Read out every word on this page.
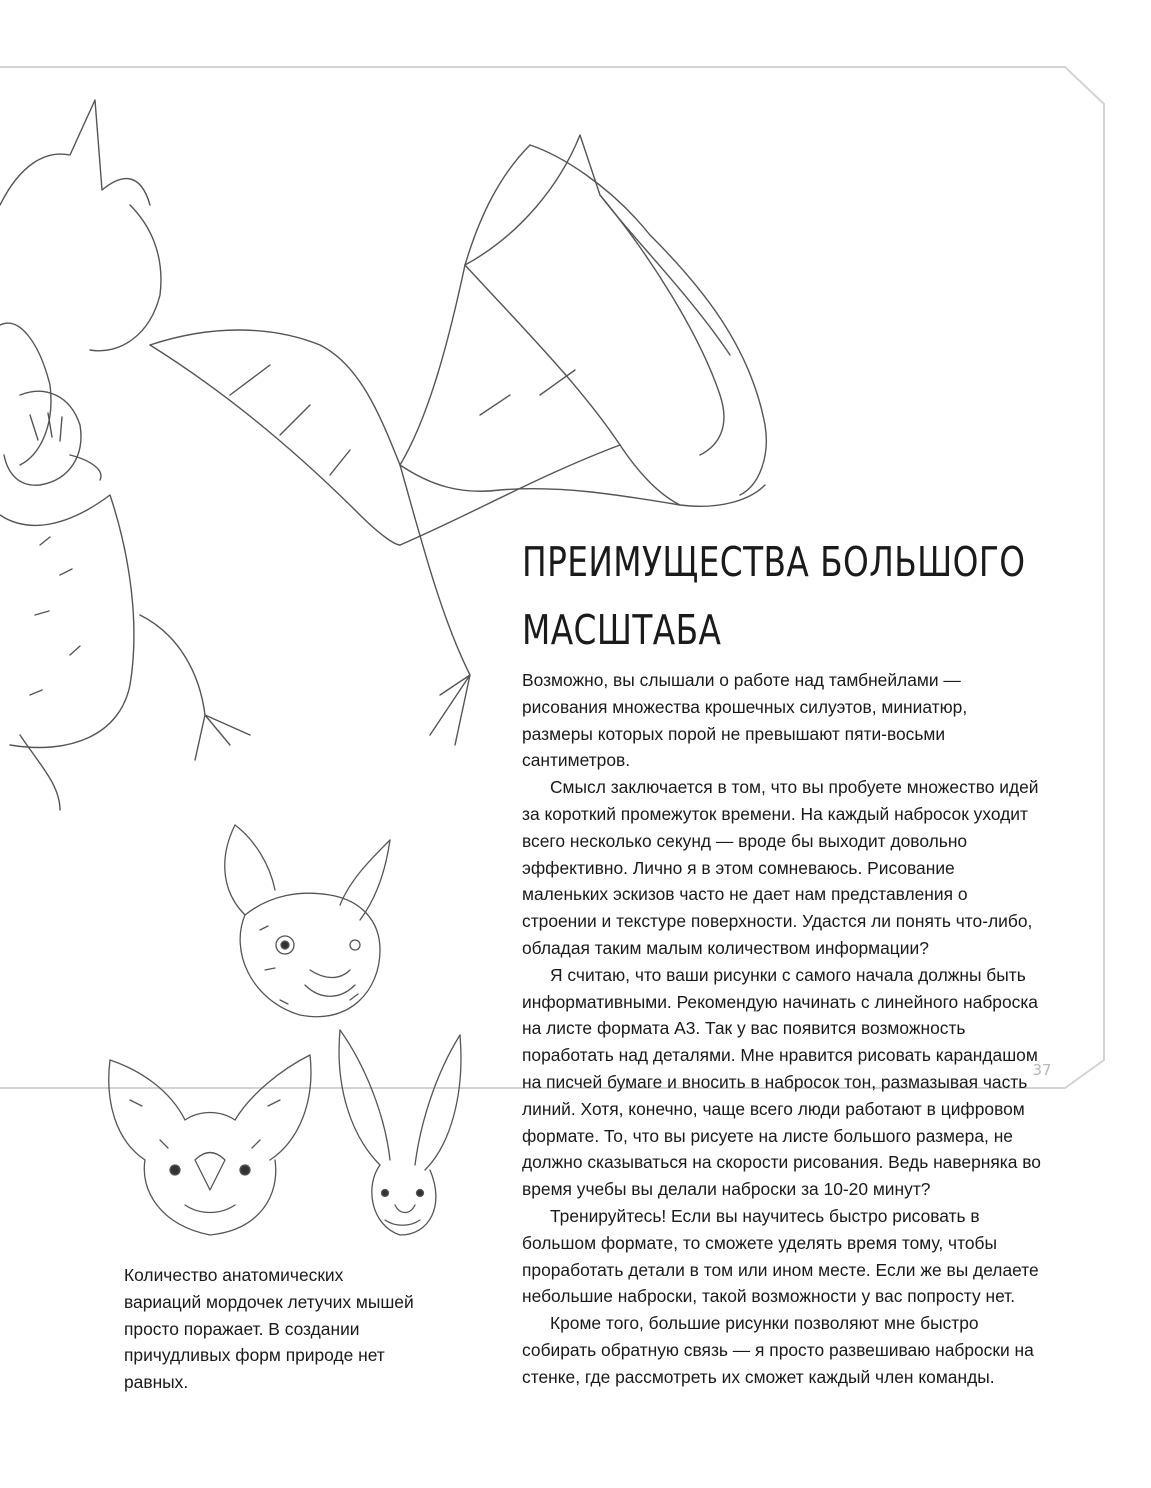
ПРЕИМУЩЕСТВА БОЛЬШОГО
МАСШТАБА

Возможно, вы слышали о работе над тамбнейлами — рисования множества крошечных силуэтов, миниатюр, размеры которых порой не превышают пяти-восьми сантиметров.

Смысл заключается в том, что вы пробуете множество идей за короткий промежуток времени. На каждый набросок уходит всего несколько секунд — вроде бы выходит довольно эффективно. Лично я в этом сомневаюсь. Рисование маленьких эскизов часто не дает нам представления о строении и текстуре поверхности. Удастся ли понять что-либо, обладая таким малым количеством информации?

Я считаю, что ваши рисунки с самого начала должны быть информативными. Рекомендую начинать с линейного наброска на листе формата А3. Так у вас появится возможность поработать над деталями. Мне нравится рисовать карандашом на писчей бумаге и вносить в набросок тон, размазывая часть линий. Хотя, конечно, чаще всего люди работают в цифровом формате. То, что вы рисуете на листе большого размера, не должно сказываться на скорости рисования. Ведь наверняка во время учебы вы делали наброски за 10-20 минут?

Тренируйтесь! Если вы научитесь быстро рисовать в большом формате, то сможете уделять время тому, чтобы проработать детали в том или ином месте. Если же вы делаете небольшие наброски, такой возможности у вас попросту нет.

Кроме того, большие рисунки позволяют мне быстро собирать обратную связь — я просто развешиваю наброски на стенке, где рассмотреть их сможет каждый член команды.

Количество анатомических вариаций мордочек летучих мышей просто поражает. В создании причудливых форм природе нет равных.

37
